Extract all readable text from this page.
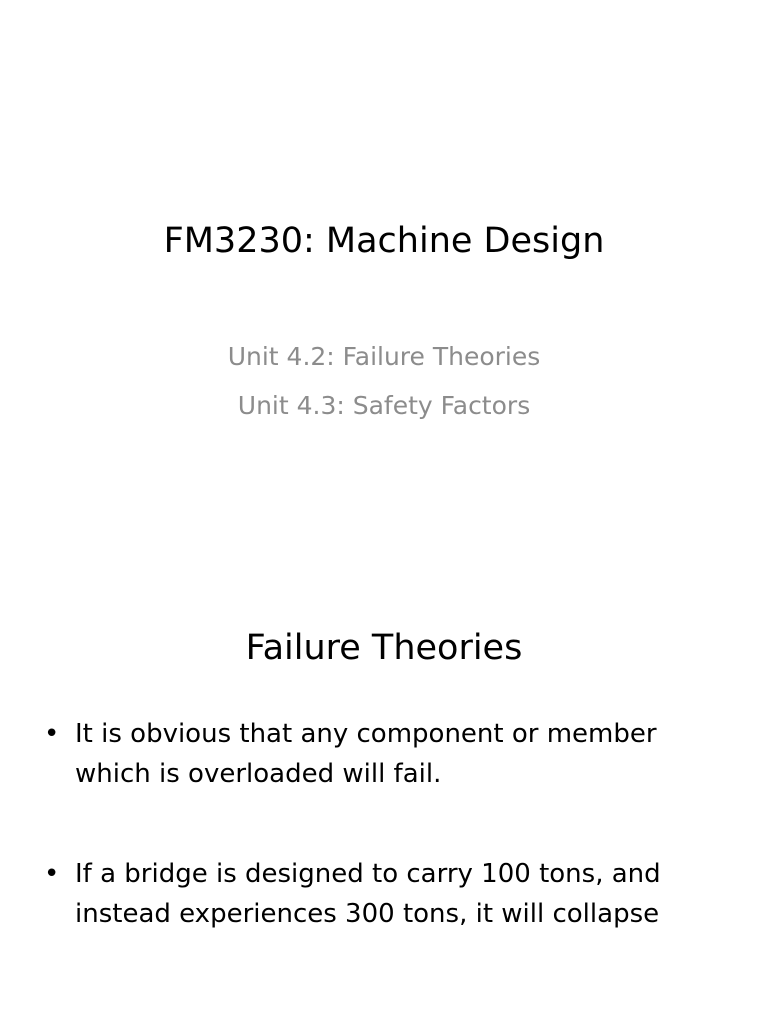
FM3230: Machine Design
Unit 4.2: Failure Theories
Unit 4.3: Safety Factors
Failure Theories
• It is obvious that any component or member
which is overloaded will fail.
• If a bridge is designed to carry 100 tons, and
instead experiences 300 tons, it will collapse
